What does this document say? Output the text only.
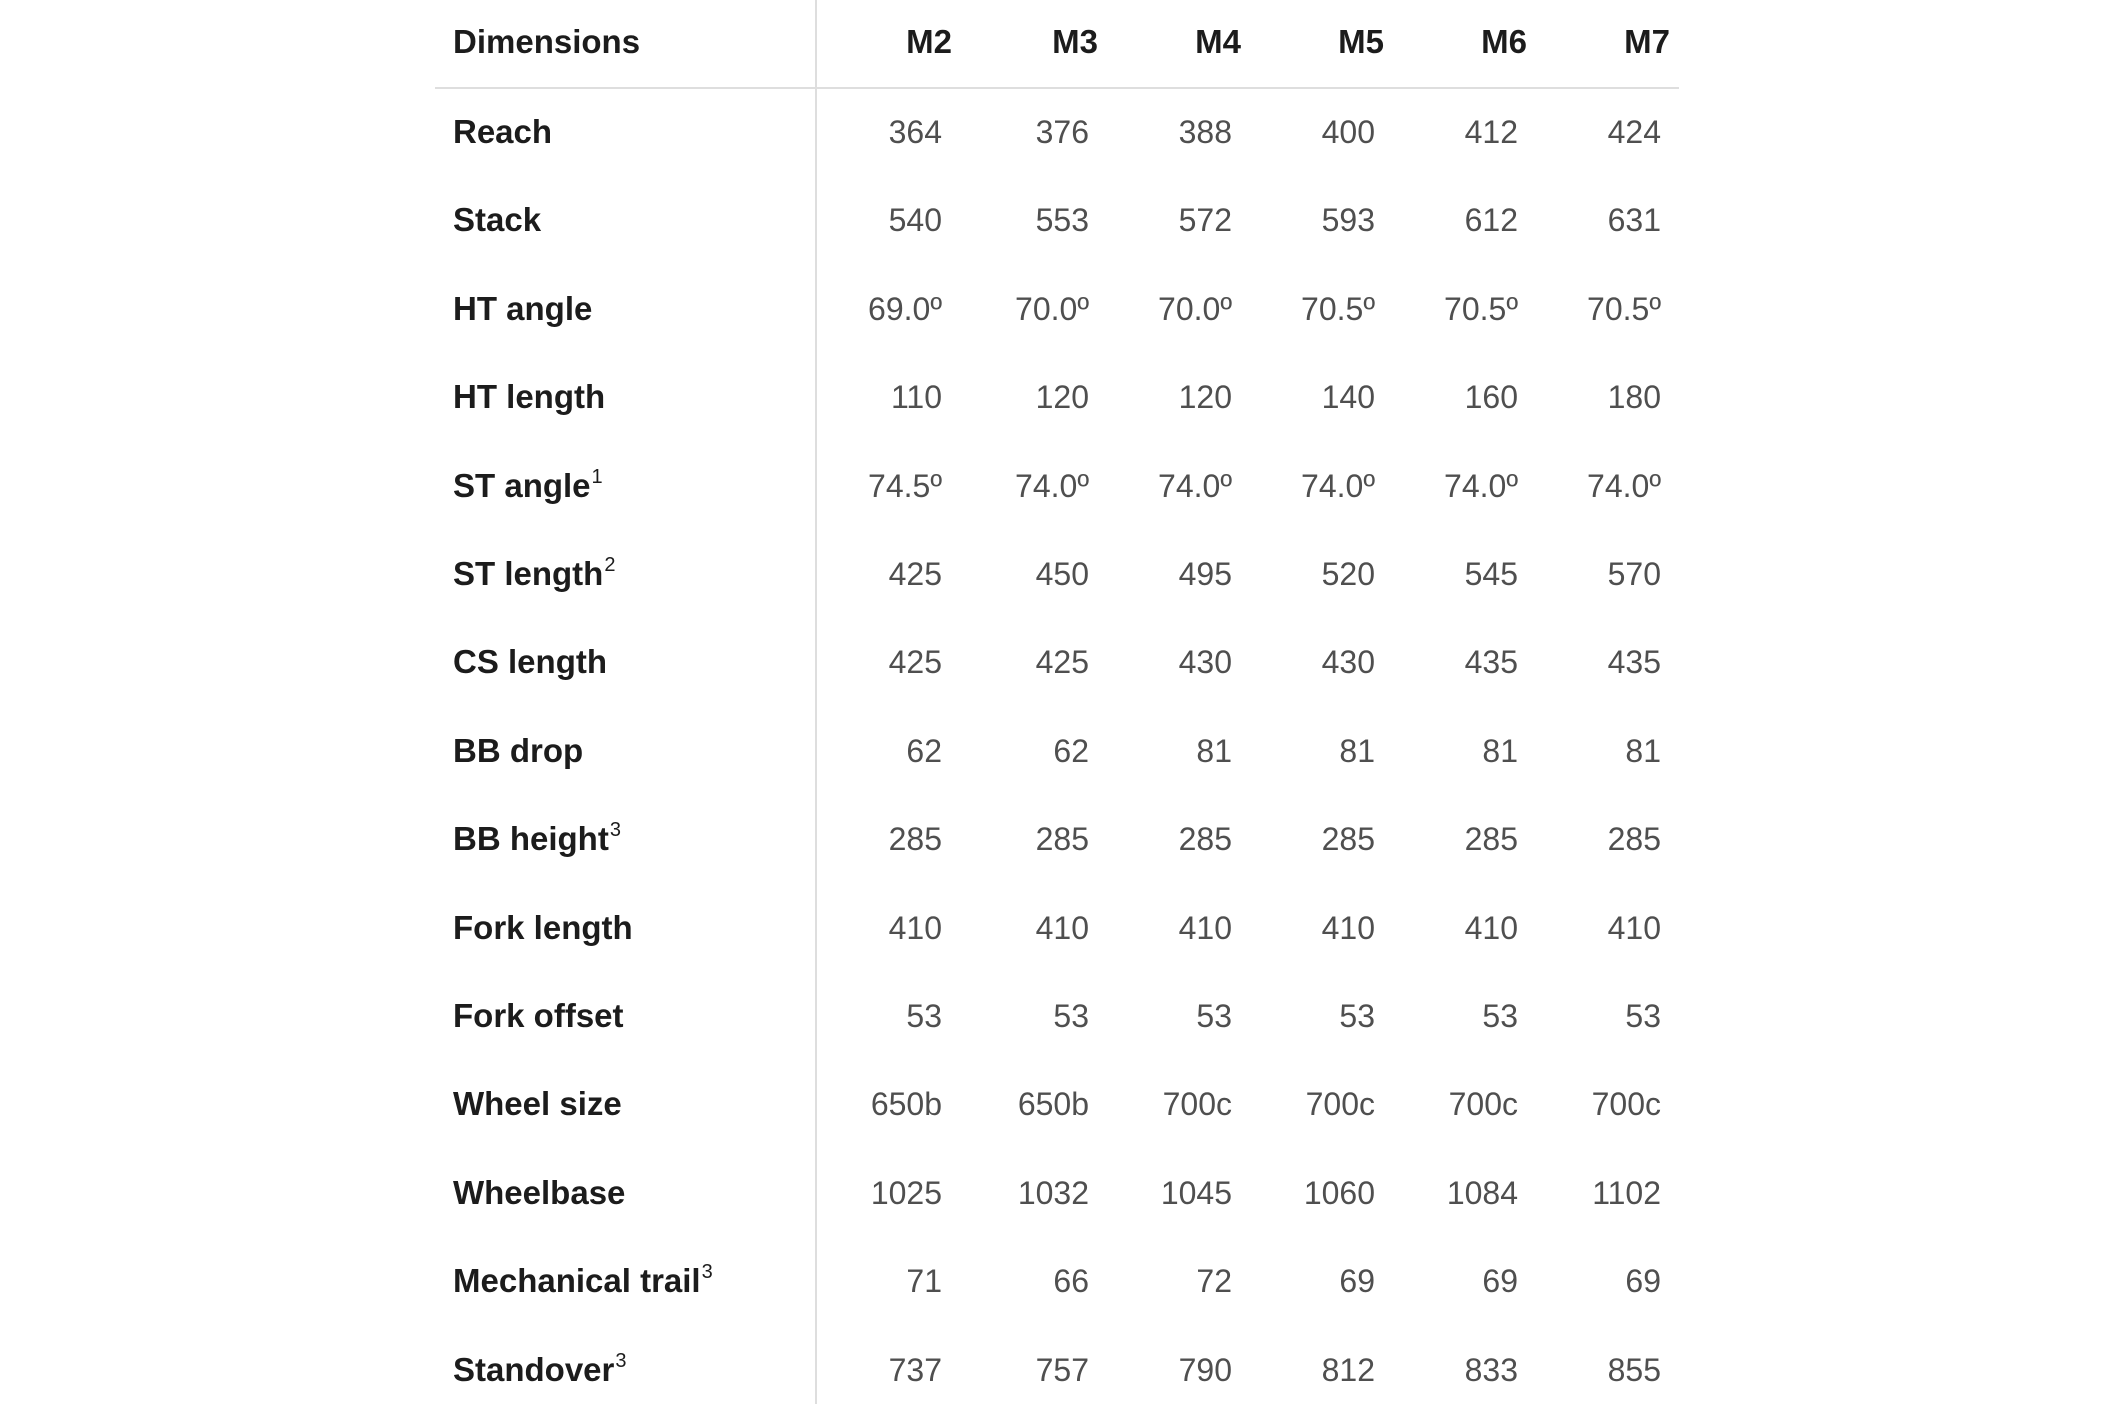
Dimensions	M2	M3	M4	M5	M6	M7
Reach	364	376	388	400	412	424
Stack	540	553	572	593	612	631
HT angle	69.0º	70.0º	70.0º	70.5º	70.5º	70.5º
HT length	110	120	120	140	160	180
ST angle$^1$	74.5º	74.0º	74.0º	74.0º	74.0º	74.0º
ST length$^2$	425	450	495	520	545	570
CS length	425	425	430	430	435	435
BB drop	62	62	81	81	81	81
BB height$^3$	285	285	285	285	285	285
Fork length	410	410	410	410	410	410
Fork offset	53	53	53	53	53	53
Wheel size	650b	650b	700c	700c	700c	700c
Wheelbase	1025	1032	1045	1060	1084	1102
Mechanical trail$^3$	71	66	72	69	69	69
Standover$^3$	737	757	790	812	833	855
